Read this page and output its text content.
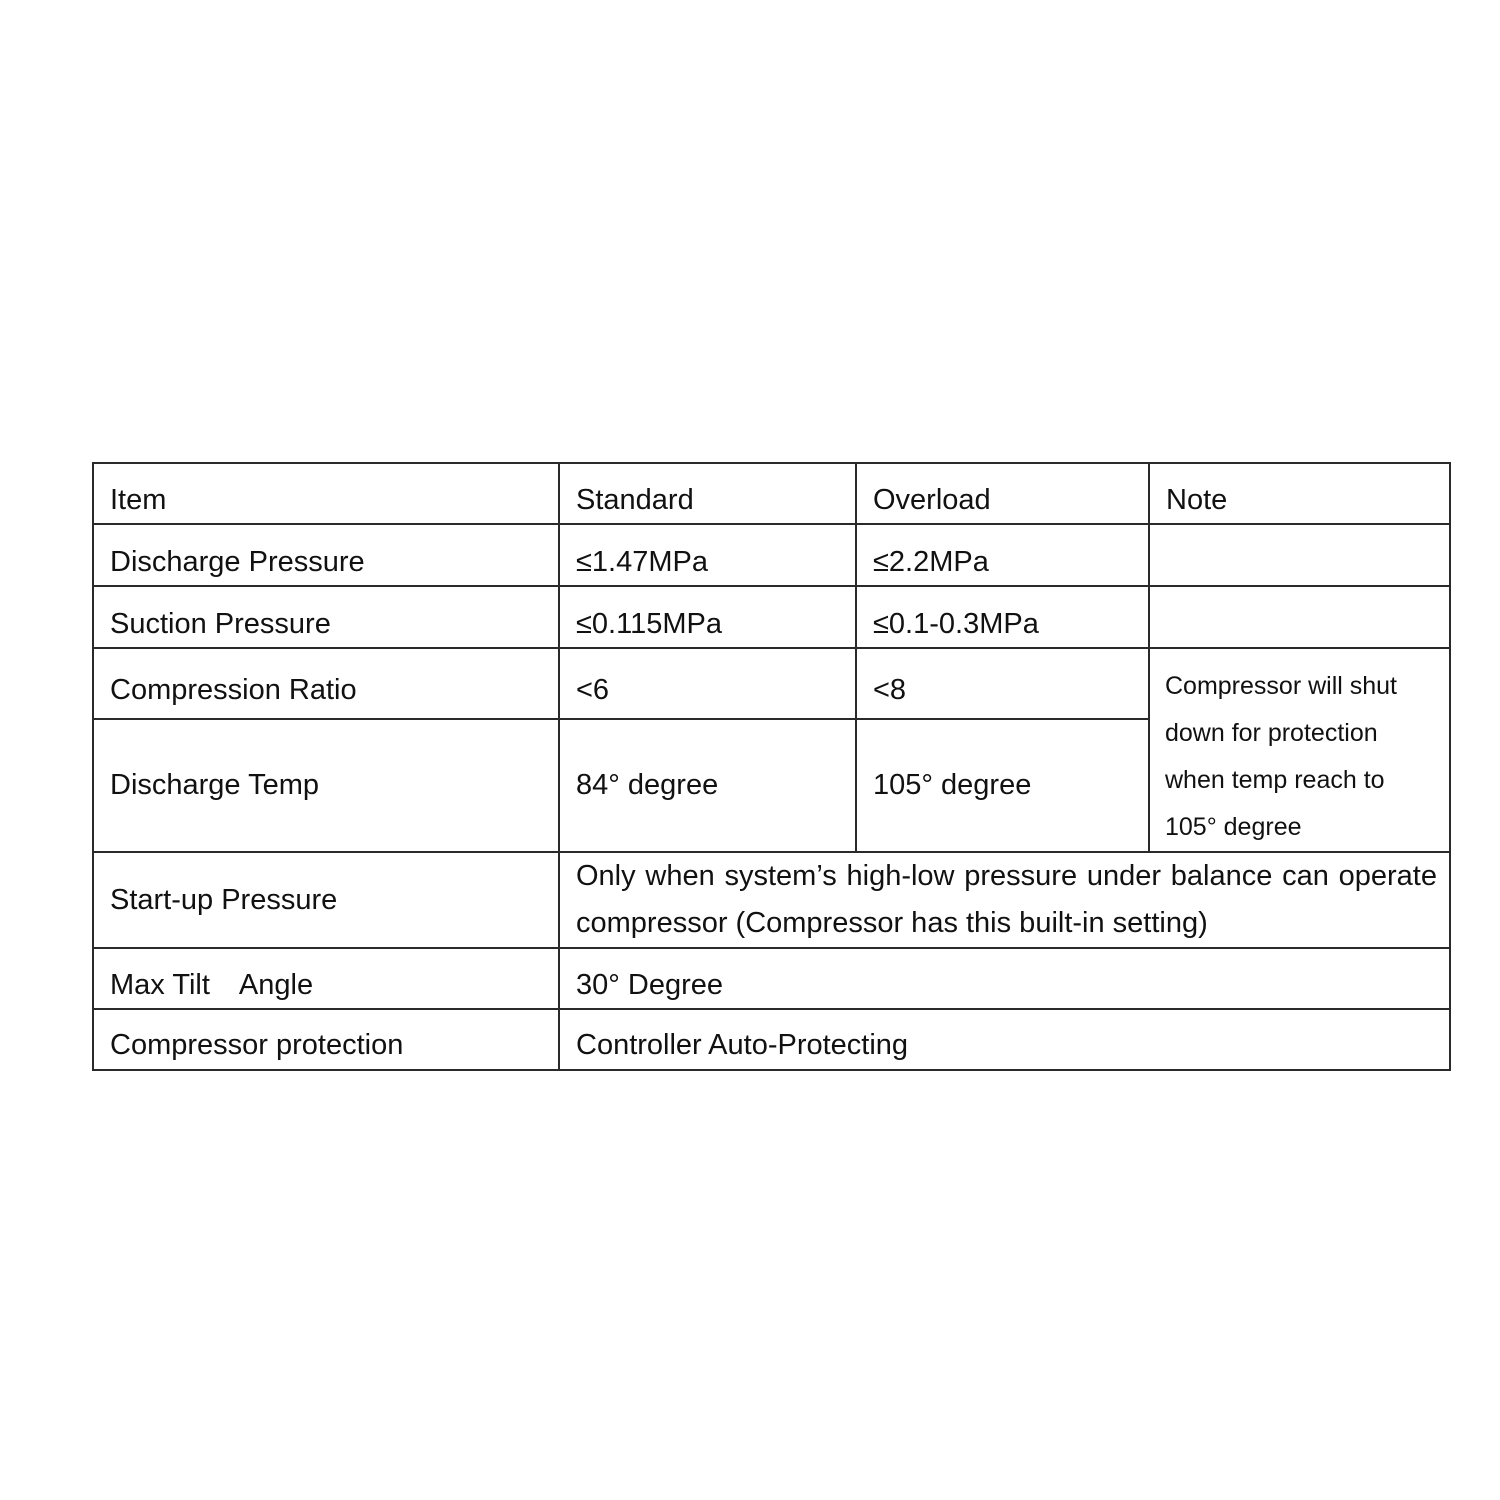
Item	Standard	Overload	Note
Discharge Pressure	≤1.47MPa	≤2.2MPa	
Suction Pressure	≤0.115MPa	≤0.1-0.3MPa	
Compression Ratio	<6	<8	Compressor will shut down for protection when temp reach to 105° degree
Discharge Temp	84° degree	105° degree	
Start-up Pressure	Only when system’s high-low pressure under balance can operate compressor (Compressor has this built-in setting)		
Max Tilt　Angle	30° Degree		
Compressor protection	Controller Auto-Protecting		
